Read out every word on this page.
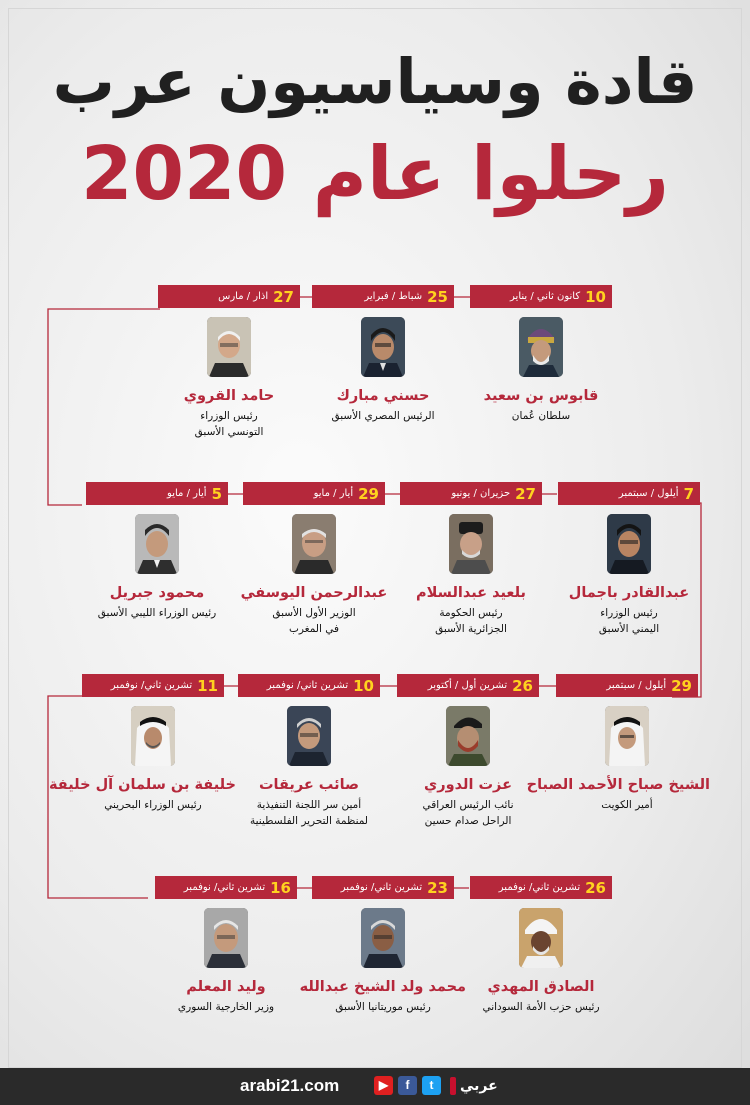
قادة وسياسيون عرب
رحلوا عام 2020
10
كانون ثاني / يناير
قابوس بن سعيد
سلطان عُمان
25
شباط / فبراير
حسني مبارك
الرئيس المصري الأسبق
27
اذار / مارس
حامد القروي
رئيس الوزراء
التونسي الأسبق
7
أيلول / سبتمبر
عبدالقادر باجمال
رئيس الوزراء
اليمني الأسبق
27
حزيران / يونيو
بلعيد عبدالسلام
رئيس الحكومة
الجزائرية الأسبق
29
أيار / مايو
عبدالرحمن اليوسفي
الوزير الأول الأسبق
في المغرب
5
أيار / مايو
محمود جبريل
رئيس الوزراء الليبي الأسبق
29
أيلول / سبتمبر
الشيخ صباح الأحمد الصباح
أمير الكويت
26
تشرين أول / أكتوبر
عزت الدوري
نائب الرئيس العراقي
الراحل صدام حسين
10
تشرين ثاني/ نوفمبر
صائب عريقات
أمين سر اللجنة التنفيذية
لمنظمة التحرير الفلسطينية
11
تشرين ثاني/ نوفمبر
خليفة بن سلمان آل خليفة
رئيس الوزراء البحريني
26
تشرين ثاني/ نوفمبر
الصادق المهدي
رئيس حزب الأمة السوداني
23
تشرين ثاني/ نوفمبر
محمد ولد الشيخ عبدالله
رئيس موريتانيا الأسبق
16
تشرين ثاني/ نوفمبر
وليد المعلم
وزير الخارجية السوري
arabi21.com	▶	f	t	عربي
